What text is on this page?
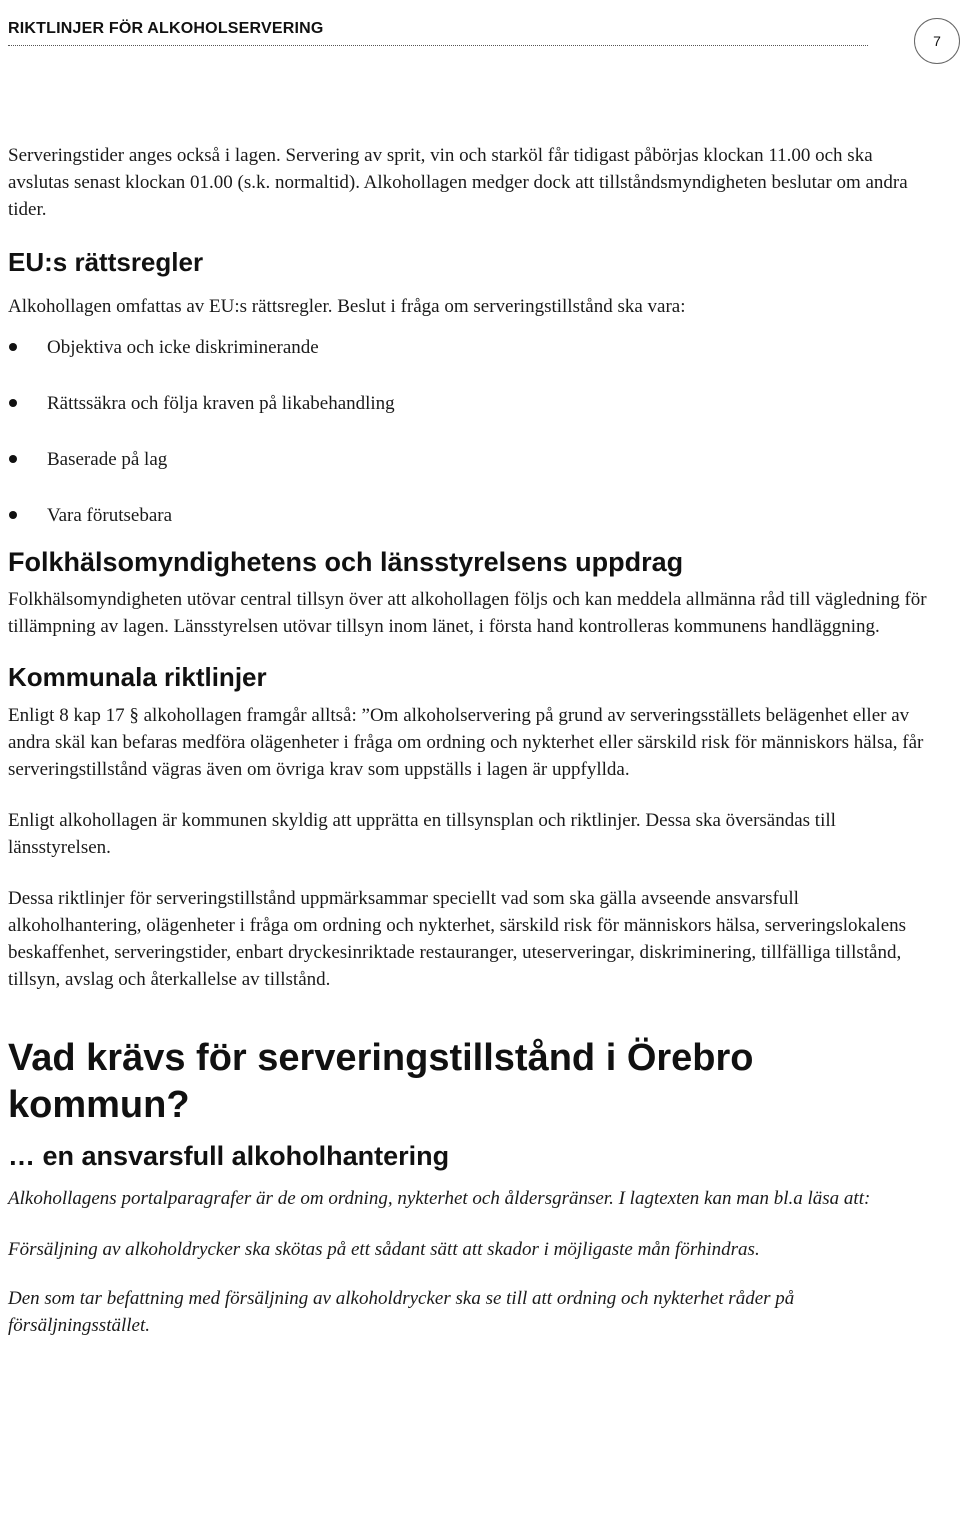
RIKTLINJER FÖR ALKOHOLSERVERING
7

Serveringstider anges också i lagen. Servering av sprit, vin och starköl får tidigast påbörjas klockan 11.00 och ska avslutas senast klockan 01.00 (s.k. normaltid). Alkohollagen medger dock att tillståndsmyndigheten beslutar om andra tider.

EU:s rättsregler

Alkohollagen omfattas av EU:s rättsregler. Beslut i fråga om serveringstillstånd ska vara:

Objektiva och icke diskriminerande
Rättssäkra och följa kraven på likabehandling
Baserade på lag
Vara förutsebara
Folkhälsomyndighetens och länsstyrelsens uppdrag

Folkhälsomyndigheten utövar central tillsyn över att alkohollagen följs och kan meddela allmänna råd till vägledning för tillämpning av lagen. Länsstyrelsen utövar tillsyn inom länet, i första hand kontrolleras kommunens handläggning.

Kommunala riktlinjer

Enligt 8 kap 17 § alkohollagen framgår alltså: ”Om alkoholservering på grund av serveringsställets belägenhet eller av andra skäl kan befaras medföra olägenheter i fråga om ordning och nykterhet eller särskild risk för människors hälsa, får serveringstillstånd vägras även om övriga krav som uppställs i lagen är uppfyllda.

Enligt alkohollagen är kommunen skyldig att upprätta en tillsynsplan och riktlinjer. Dessa ska översändas till länsstyrelsen.

Dessa riktlinjer för serveringstillstånd uppmärksammar speciellt vad som ska gälla avseende ansvarsfull alkoholhantering, olägenheter i fråga om ordning och nykterhet, särskild risk för människors hälsa, serveringslokalens beskaffenhet, serveringstider, enbart dryckesinriktade restauranger, uteserveringar, diskriminering, tillfälliga tillstånd, tillsyn, avslag och återkallelse av tillstånd.

Vad krävs för serveringstillstånd i Örebro kommun?
… en ansvarsfull alkoholhantering

Alkohollagens portalparagrafer är de om ordning, nykterhet och åldersgränser. I lagtexten kan man bl.a läsa att:

Försäljning av alkoholdrycker ska skötas på ett sådant sätt att skador i möjligaste mån förhindras.

Den som tar befattning med försäljning av alkoholdrycker ska se till att ordning och nykterhet råder på försäljningsstället.
